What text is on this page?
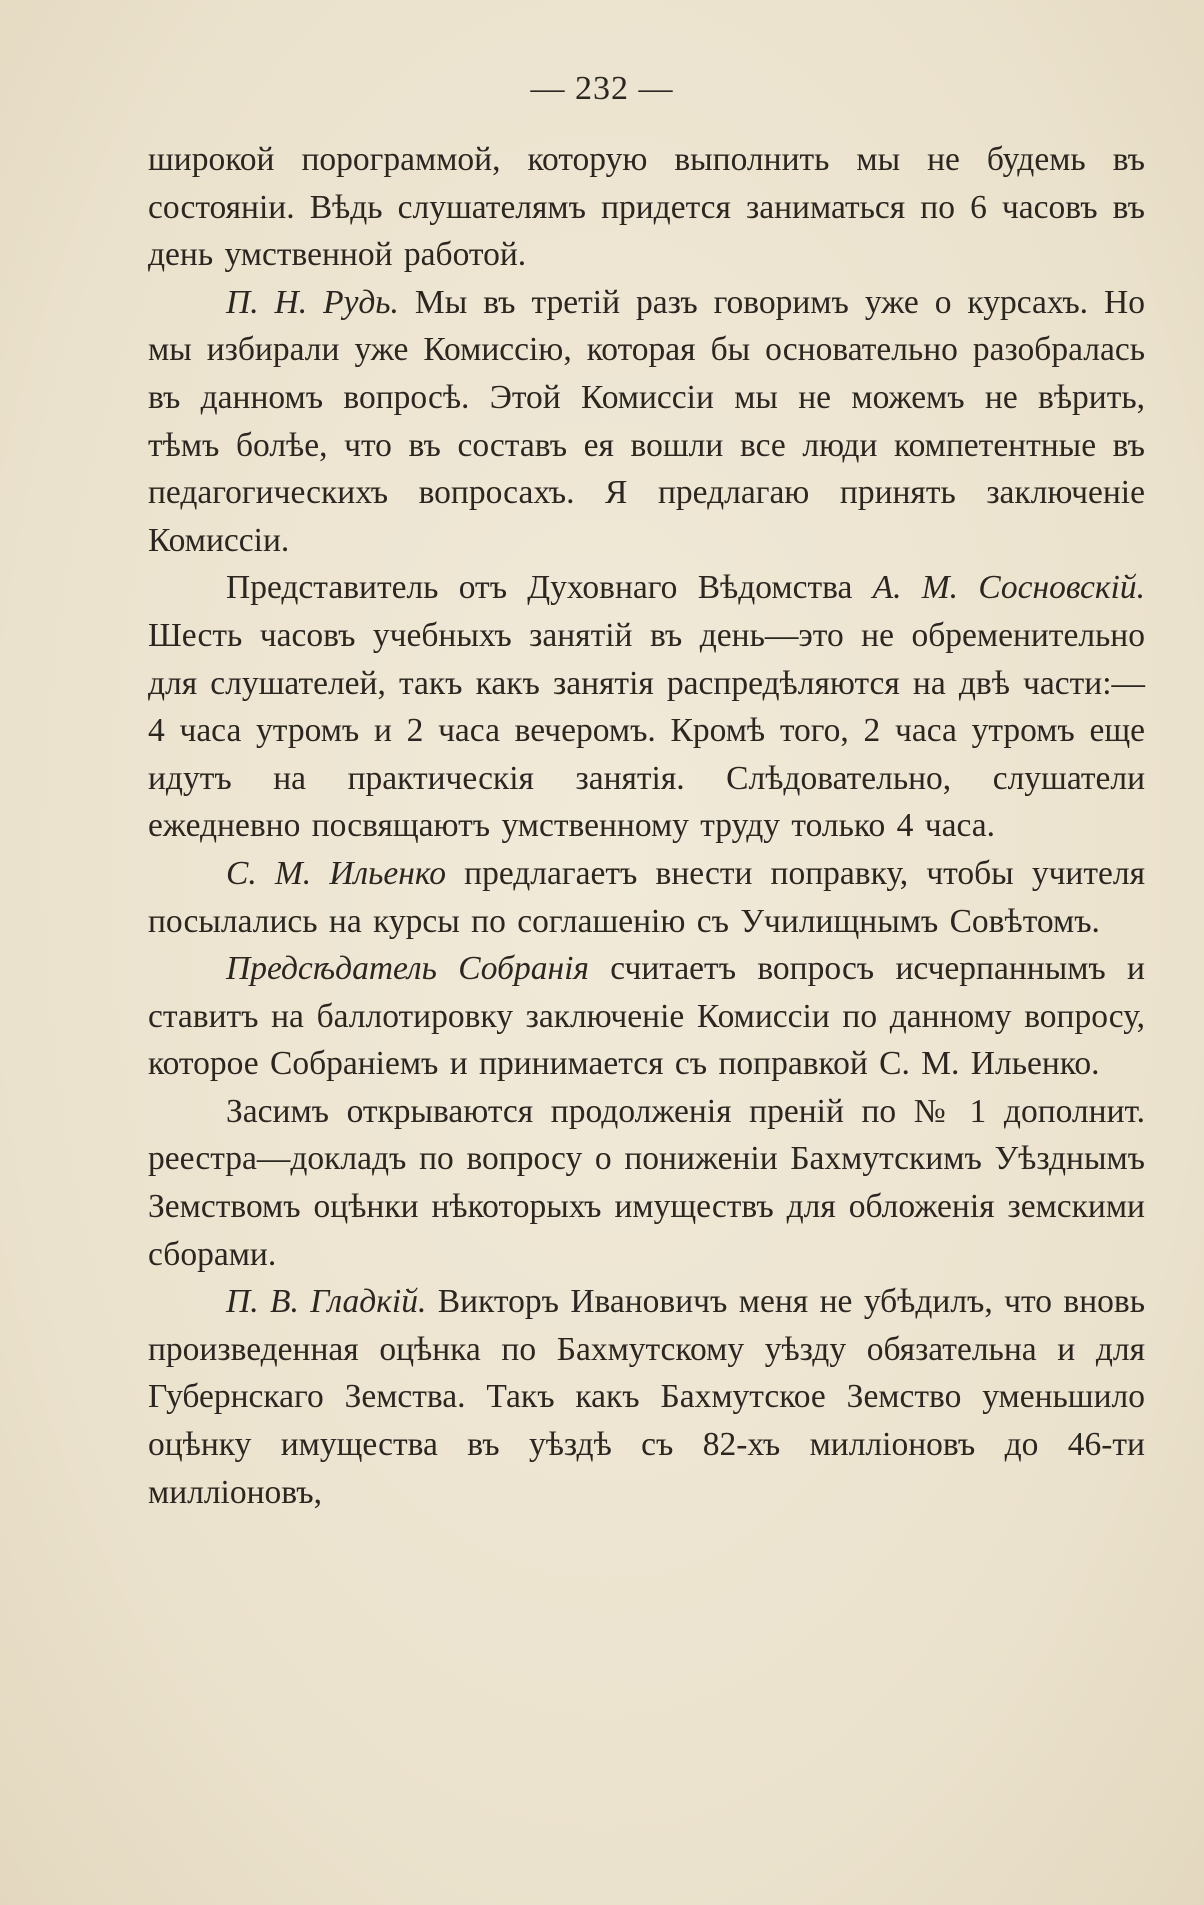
— 232 —

широкой порограммой, которую выполнить мы не будемь въ состоянiи. Вѣдь слушателямъ придется заниматься по 6 часовъ въ день умственной работой.

П. Н. Рудь. Мы въ третiй разъ говоримъ уже о курсахъ. Но мы избирали уже Комиссiю, которая бы основательно разобралась въ данномъ вопросѣ. Этой Комиссiи мы не можемъ не вѣрить, тѣмъ болѣе, что въ составъ ея вошли все люди компетентные въ педагогическихъ вопросахъ. Я предлагаю принять заключенiе Комиссiи.

Представитель отъ Духовнаго Вѣдомства А. М. Сосновскiй. Шесть часовъ учебныхъ занятiй въ день—это не обременительно для слушателей, такъ какъ занятiя распредѣляются на двѣ части:—4 часа утромъ и 2 часа вечеромъ. Кромѣ того, 2 часа утромъ еще идутъ на практическiя занятiя. Слѣдовательно, слушатели ежедневно посвящаютъ умственному труду только 4 часа.

С. М. Ильенко предлагаетъ внести поправку, чтобы учителя посылались на курсы по соглашенiю съ Училищнымъ Совѣтомъ.

Предсѣдатель Собранiя считаетъ вопросъ исчерпаннымъ и ставитъ на баллотировку заключенiе Комиссiи по данному вопросу, которое Собранiемъ и принимается съ поправкой С. М. Ильенко.

Засимъ открываются продолженiя пренiй по № 1 дополнит. реестра—докладъ по вопросу о пониженiи Бахмутскимъ Уѣзднымъ Земствомъ оцѣнки нѣкоторыхъ имуществъ для обложенiя земскими сборами.

П. В. Гладкiй. Викторъ Ивановичъ меня не убѣдилъ, что вновь произведенная оцѣнка по Бахмутскому уѣзду обязательна и для Губернскаго Земства. Такъ какъ Бахмутское Земство уменьшило оцѣнку имущества въ уѣздѣ съ 82-хъ миллiоновъ до 46-ти миллiоновъ,
